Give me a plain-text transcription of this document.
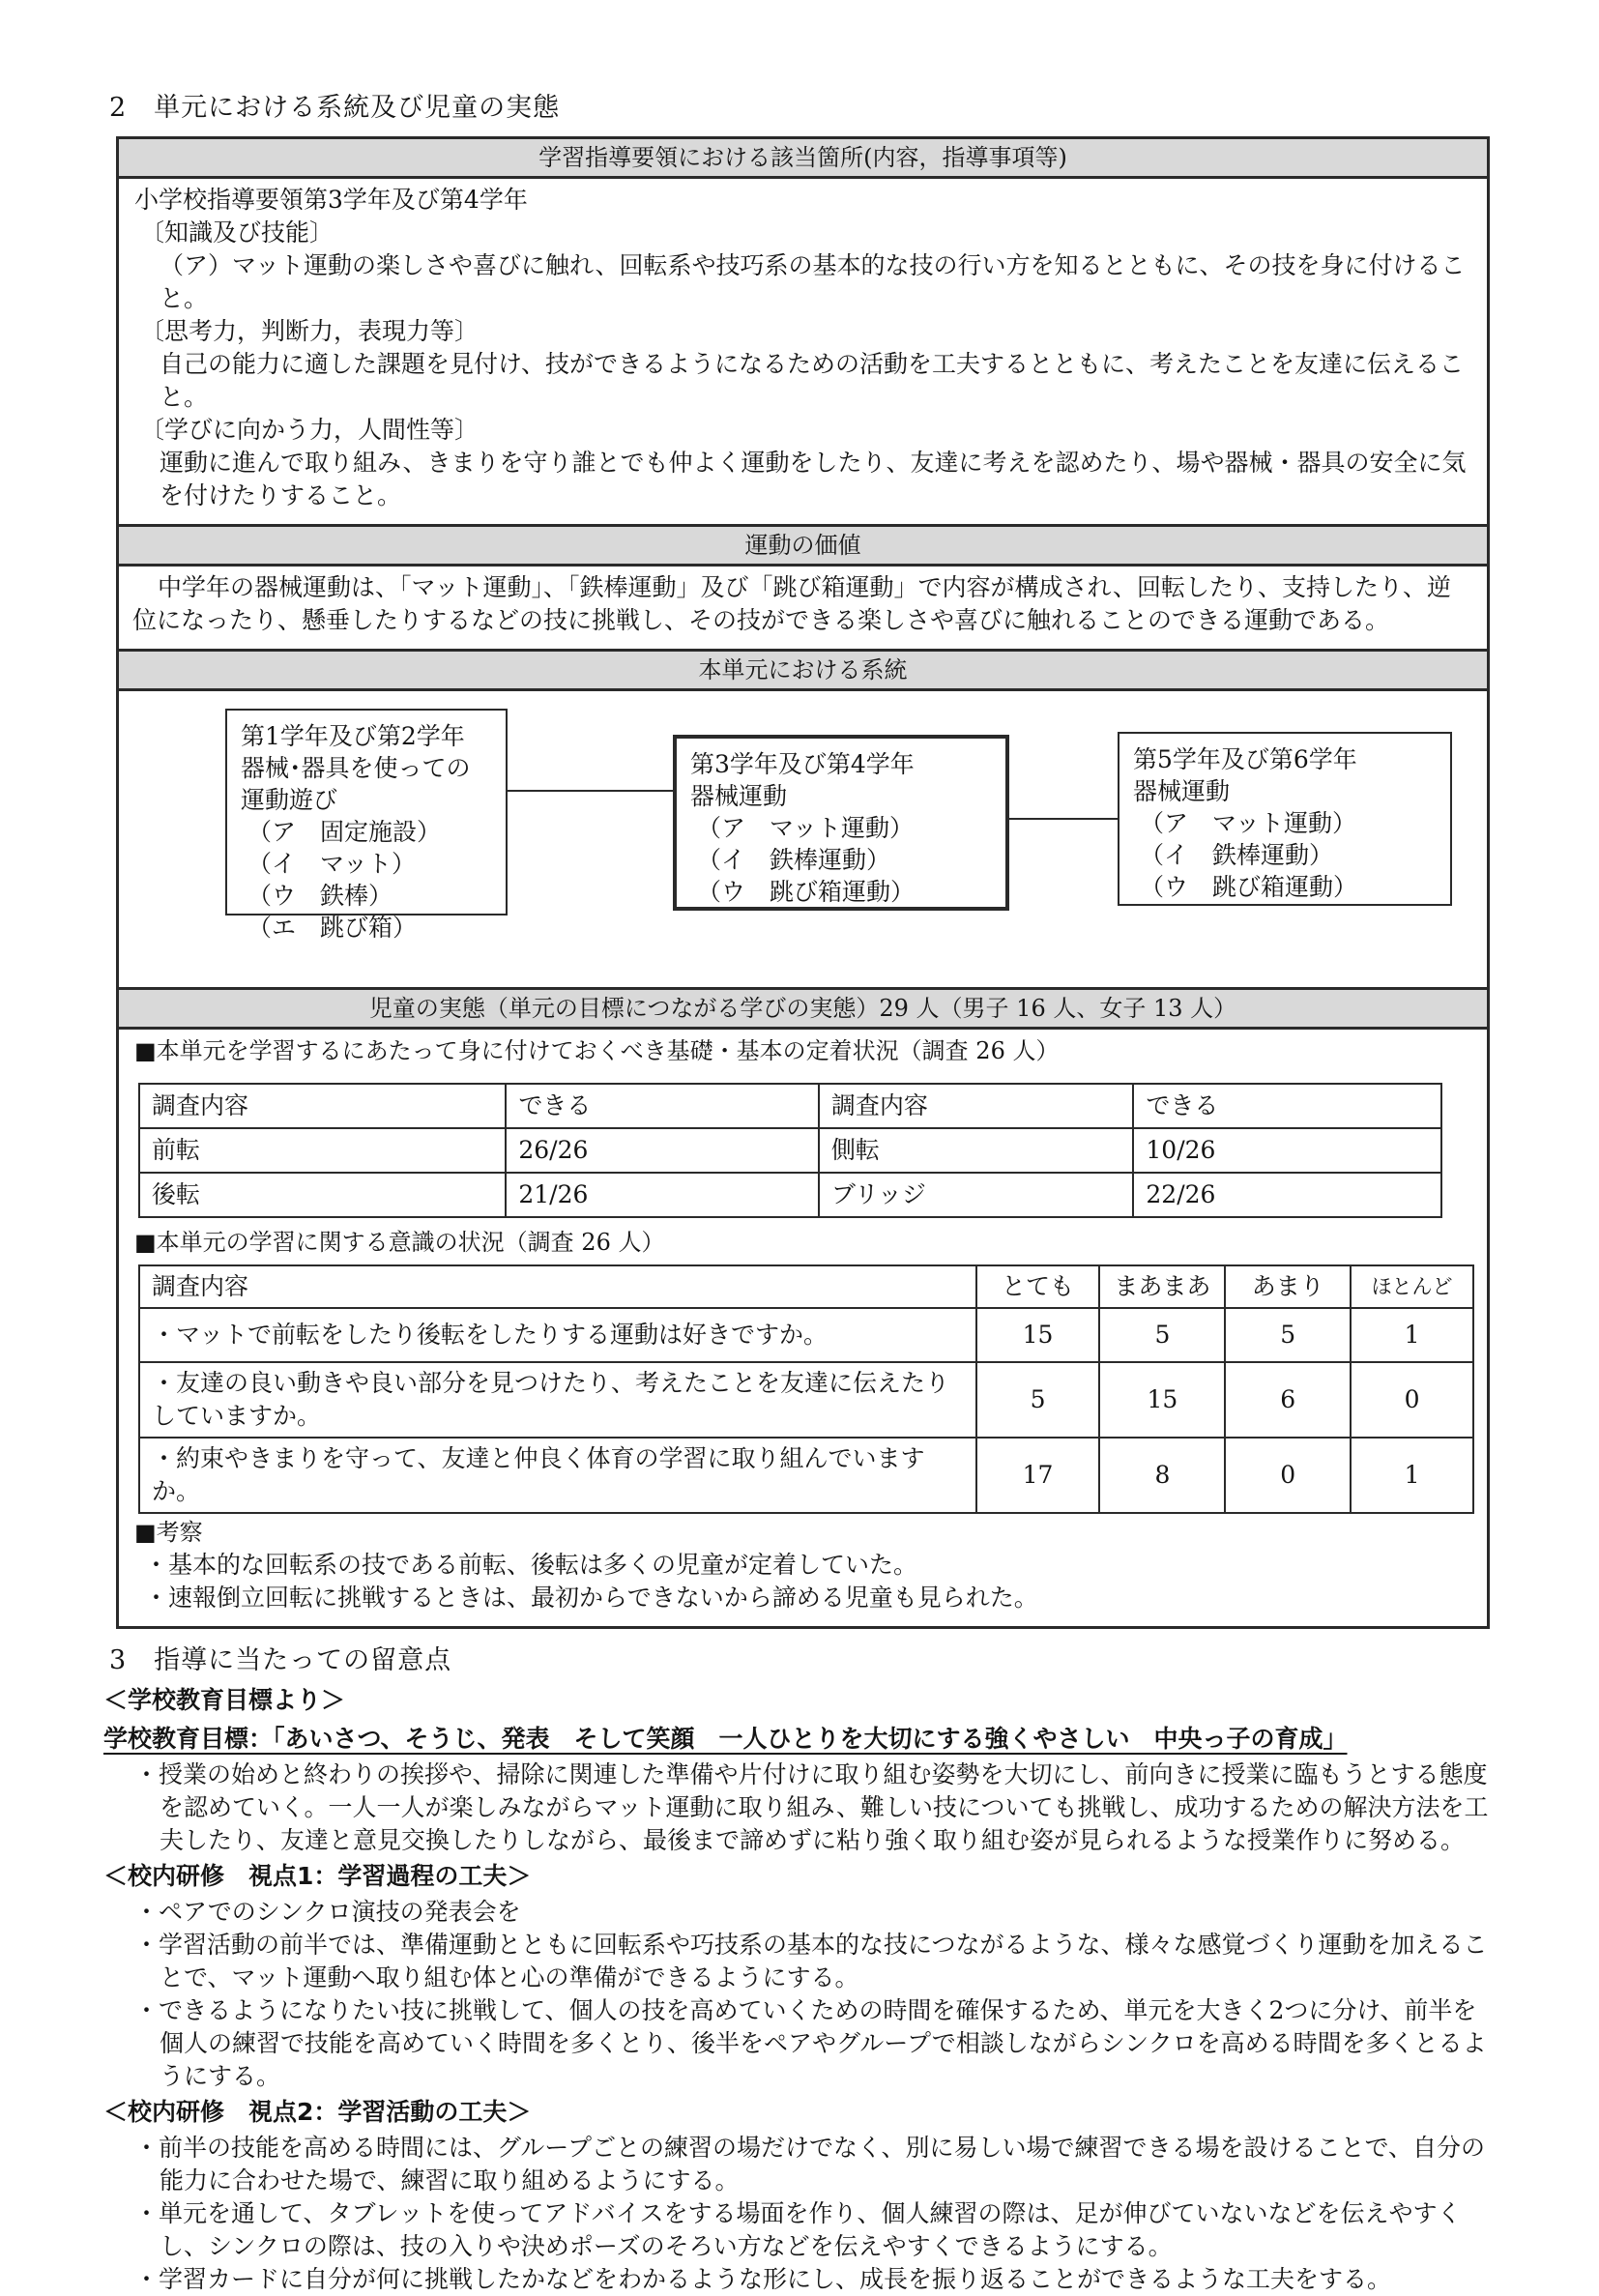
2　単元における系統及び児童の実態
学習指導要領における該当箇所(内容，指導事項等)

小学校指導要領第3学年及び第4学年

〔知識及び技能〕

（ア）マット運動の楽しさや喜びに触れ、回転系や技巧系の基本的な技の行い方を知るとともに、その技を身に付けること。

〔思考力，判断力，表現力等〕

自己の能力に適した課題を見付け、技ができるようになるための活動を工夫するとともに、考えたことを友達に伝えること。

〔学びに向かう力，人間性等〕

運動に進んで取り組み、きまりを守り誰とでも仲よく運動をしたり、友達に考えを認めたり、場や器械・器具の安全に気を付けたりすること。

運動の価値

中学年の器械運動は、「マット運動」、「鉄棒運動」及び「跳び箱運動」で内容が構成され、回転したり、支持したり、逆位になったり、懸垂したりするなどの技に挑戦し、その技ができる楽しさや喜びに触れることのできる運動である。

本単元における系統
第1学年及び第2学年
器械･器具を使っての
運動遊び
（ア　固定施設）
（イ　マット）
（ウ　鉄棒）
（エ　跳び箱）
第3学年及び第4学年
器械運動
（ア　マット運動）
（イ　鉄棒運動）
（ウ　跳び箱運動）
第5学年及び第6学年
器械運動
（ア　マット運動）
（イ　鉄棒運動）
（ウ　跳び箱運動）
児童の実態（単元の目標につながる学びの実態）29 人（男子 16 人、女子 13 人）

■本単元を学習するにあたって身に付けておくべき基礎・基本の定着状況（調査 26 人）

調査内容	できる	調査内容	できる
前転	26/26	側転	10/26
後転	21/26	ブリッジ	22/26

■本単元の学習に関する意識の状況（調査 26 人）

調査内容	とても	まあまあ	あまり	ほとんど
・マットで前転をしたり後転をしたりする運動は好きですか。	15	5	5	1
・友達の良い動きや良い部分を見つけたり、考えたことを友達に伝えたりしていますか。	5	15	6	0
・約束やきまりを守って、友達と仲良く体育の学習に取り組んでいますか。	17	8	0	1

■考察

・基本的な回転系の技である前転、後転は多くの児童が定着していた。

・速報倒立回転に挑戦するときは、最初からできないから諦める児童も見られた。

3　指導に当たっての留意点

＜学校教育目標より＞

学校教育目標：「あいさつ、そうじ、発表　そして笑顔　一人ひとりを大切にする強くやさしい　中央っ子の育成」

・授業の始めと終わりの挨拶や、掃除に関連した準備や片付けに取り組む姿勢を大切にし、前向きに授業に臨もうとする態度を認めていく。一人一人が楽しみながらマット運動に取り組み、難しい技についても挑戦し、成功するための解決方法を工夫したり、友達と意見交換したりしながら、最後まで諦めずに粘り強く取り組む姿が見られるような授業作りに努める。

＜校内研修　視点1：学習過程の工夫＞

・ペアでのシンクロ演技の発表会を

・学習活動の前半では、準備運動とともに回転系や巧技系の基本的な技につながるような、様々な感覚づくり運動を加えることで、マット運動へ取り組む体と心の準備ができるようにする。

・できるようになりたい技に挑戦して、個人の技を高めていくための時間を確保するため、単元を大きく2つに分け、前半を個人の練習で技能を高めていく時間を多くとり、後半をペアやグループで相談しながらシンクロを高める時間を多くとるようにする。

＜校内研修　視点2：学習活動の工夫＞

・前半の技能を高める時間には、グループごとの練習の場だけでなく、別に易しい場で練習できる場を設けることで、自分の能力に合わせた場で、練習に取り組めるようにする。

・単元を通して、タブレットを使ってアドバイスをする場面を作り、個人練習の際は、足が伸びていないなどを伝えやすくし、シンクロの際は、技の入りや決めポーズのそろい方などを伝えやすくできるようにする。

・学習カードに自分が何に挑戦したかなどをわかるような形にし、成長を振り返ることができるような工夫をする。
